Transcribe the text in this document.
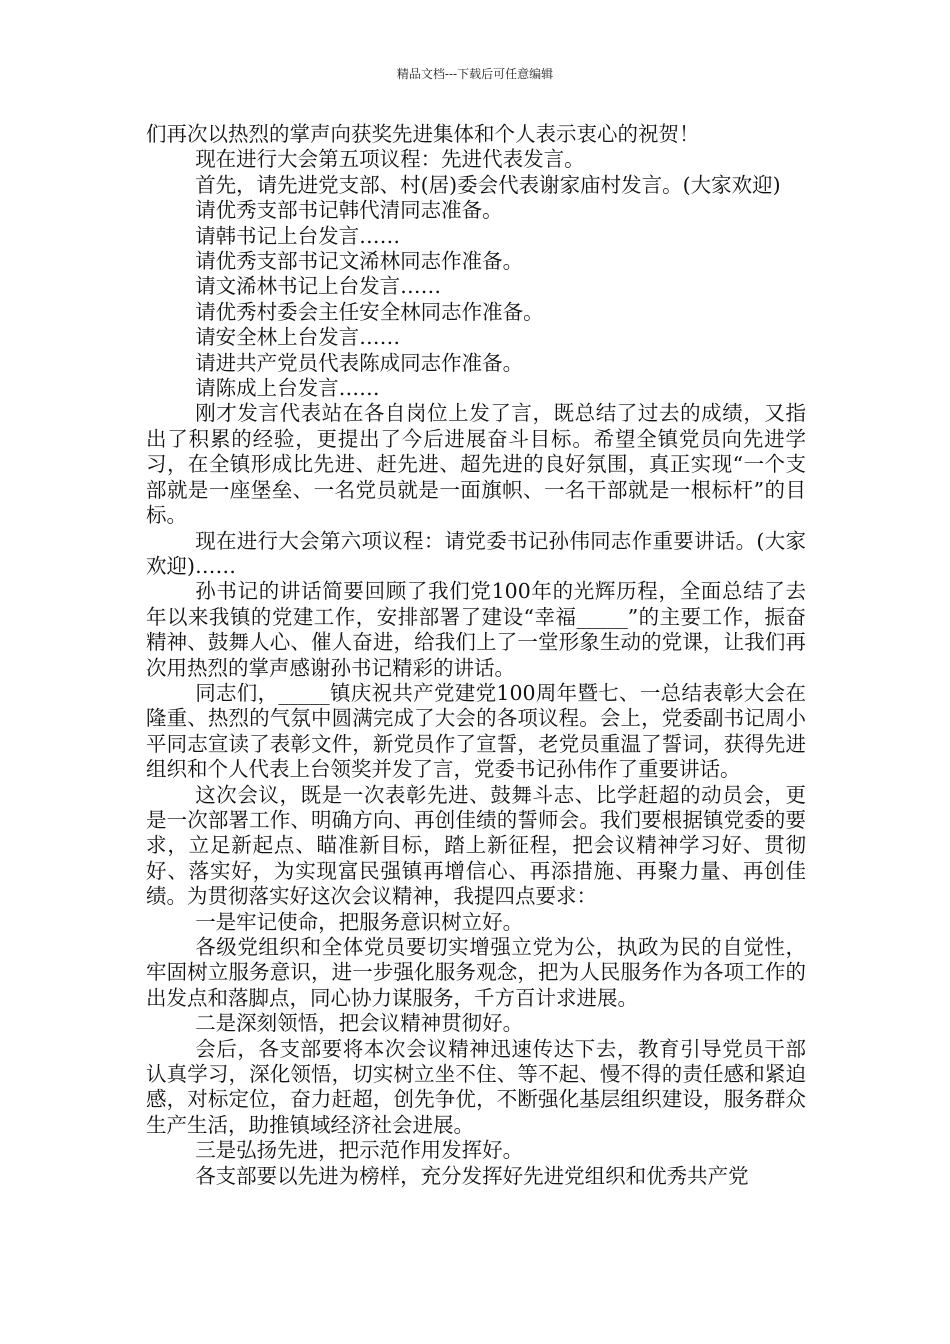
精品文档---下载后可任意编辑

们再次以热烈的掌声向获奖先进集体和个人表示衷心的祝贺！

现在进行大会第五项议程：先进代表发言。

首先，请先进党支部、村(居)委会代表谢家庙村发言。(大家欢迎)

请优秀支部书记韩代清同志准备。

请韩书记上台发言……

请优秀支部书记文浠林同志作准备。

请文浠林书记上台发言……

请优秀村委会主任安全林同志作准备。

请安全林上台发言……

请进共产党员代表陈成同志作准备。

请陈成上台发言……

刚才发言代表站在各自岗位上发了言，既总结了过去的成绩，又指出了积累的经验，更提出了今后进展奋斗目标。希望全镇党员向先进学习，在全镇形成比先进、赶先进、超先进的良好氛围，真正实现“一个支部就是一座堡垒、一名党员就是一面旗帜、一名干部就是一根标杆”的目标。

现在进行大会第六项议程：请党委书记孙伟同志作重要讲话。(大家欢迎)……

孙书记的讲话简要回顾了我们党100年的光辉历程，全面总结了去年以来我镇的党建工作，安排部署了建设“幸福_____”的主要工作，振奋精神、鼓舞人心、催人奋进，给我们上了一堂形象生动的党课，让我们再次用热烈的掌声感谢孙书记精彩的讲话。

同志们，_____镇庆祝共产党建党100周年暨七、一总结表彰大会在隆重、热烈的气氛中圆满完成了大会的各项议程。会上，党委副书记周小平同志宣读了表彰文件，新党员作了宣誓，老党员重温了誓词，获得先进组织和个人代表上台领奖并发了言，党委书记孙伟作了重要讲话。

这次会议，既是一次表彰先进、鼓舞斗志、比学赶超的动员会，更是一次部署工作、明确方向、再创佳绩的誓师会。我们要根据镇党委的要求，立足新起点、瞄准新目标，踏上新征程，把会议精神学习好、贯彻好、落实好，为实现富民强镇再增信心、再添措施、再聚力量、再创佳绩。为贯彻落实好这次会议精神，我提四点要求：

一是牢记使命，把服务意识树立好。

各级党组织和全体党员要切实增强立党为公，执政为民的自觉性，牢固树立服务意识，进一步强化服务观念，把为人民服务作为各项工作的出发点和落脚点，同心协力谋服务，千方百计求进展。

二是深刻领悟，把会议精神贯彻好。

会后，各支部要将本次会议精神迅速传达下去，教育引导党员干部认真学习，深化领悟，切实树立坐不住、等不起、慢不得的责任感和紧迫感，对标定位，奋力赶超，创先争优，不断强化基层组织建设，服务群众生产生活，助推镇域经济社会进展。

三是弘扬先进，把示范作用发挥好。

各支部要以先进为榜样，充分发挥好先进党组织和优秀共产党
